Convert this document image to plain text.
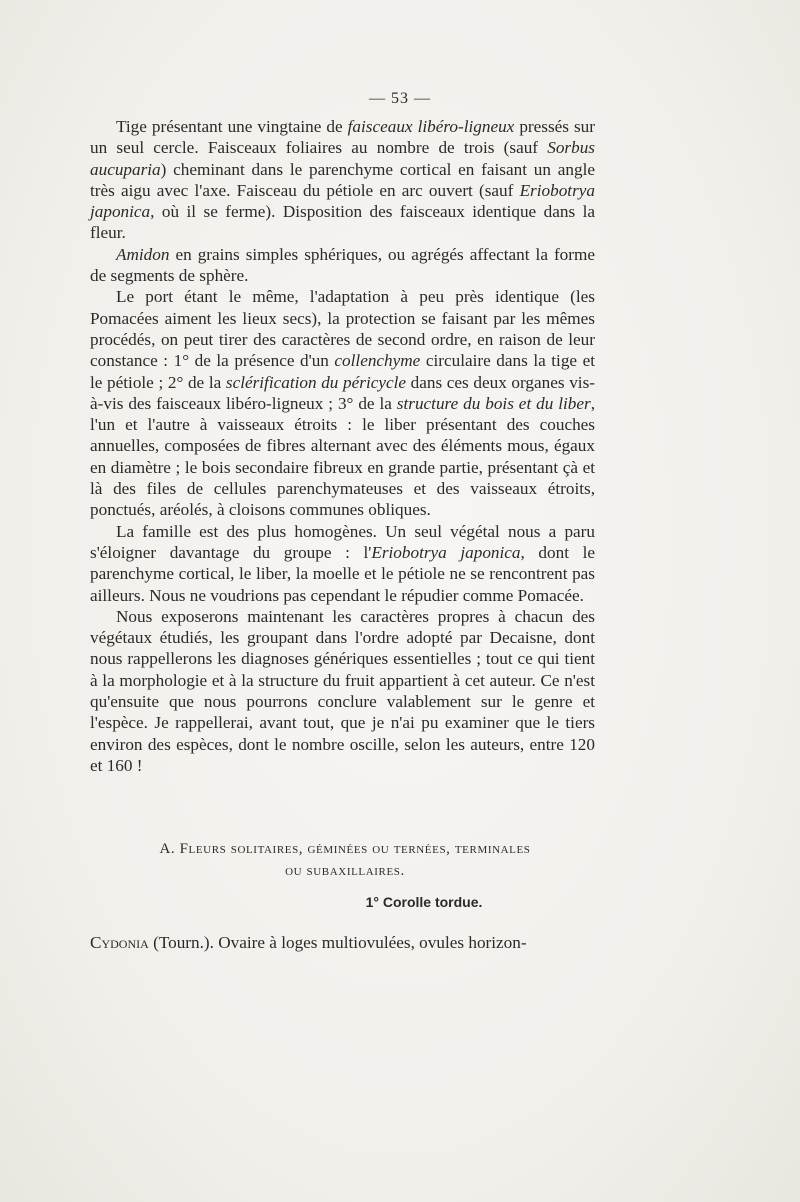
— 53 —

Tige présentant une vingtaine de faisceaux libéro-ligneux pressés sur un seul cercle. Faisceaux foliaires au nombre de trois (sauf Sorbus aucuparia) cheminant dans le parenchyme cortical en faisant un angle très aigu avec l'axe. Faisceau du pétiole en arc ouvert (sauf Eriobotrya japonica, où il se ferme). Disposition des faisceaux identique dans la fleur.

Amidon en grains simples sphériques, ou agrégés affectant la forme de segments de sphère.

Le port étant le même, l'adaptation à peu près identique (les Pomacées aiment les lieux secs), la protection se faisant par les mêmes procédés, on peut tirer des caractères de second ordre, en raison de leur constance : 1° de la présence d'un collenchyme circulaire dans la tige et le pétiole ; 2° de la sclérification du péricycle dans ces deux organes vis-à-vis des faisceaux libéro-ligneux ; 3° de la structure du bois et du liber, l'un et l'autre à vaisseaux étroits : le liber présentant des couches annuelles, composées de fibres alternant avec des éléments mous, égaux en diamètre ; le bois secondaire fibreux en grande partie, présentant çà et là des files de cellules parenchymateuses et des vaisseaux étroits, ponctués, aréolés, à cloisons communes obliques.

La famille est des plus homogènes. Un seul végétal nous a paru s'éloigner davantage du groupe : l'Eriobotrya japonica, dont le parenchyme cortical, le liber, la moelle et le pétiole ne se rencontrent pas ailleurs. Nous ne voudrions pas cependant le répudier comme Pomacée.

Nous exposerons maintenant les caractères propres à chacun des végétaux étudiés, les groupant dans l'ordre adopté par Decaisne, dont nous rappellerons les diagnoses génériques essentielles ; tout ce qui tient à la morphologie et à la structure du fruit appartient à cet auteur. Ce n'est qu'ensuite que nous pourrons conclure valablement sur le genre et l'espèce. Je rappellerai, avant tout, que je n'ai pu examiner que le tiers environ des espèces, dont le nombre oscille, selon les auteurs, entre 120 et 160 !

A. Fleurs solitaires, géminées ou ternées, terminales
ou subaxillaires.
1° Corolle tordue.
Cydonia (Tourn.). Ovaire à loges multiovulées, ovules horizon-
